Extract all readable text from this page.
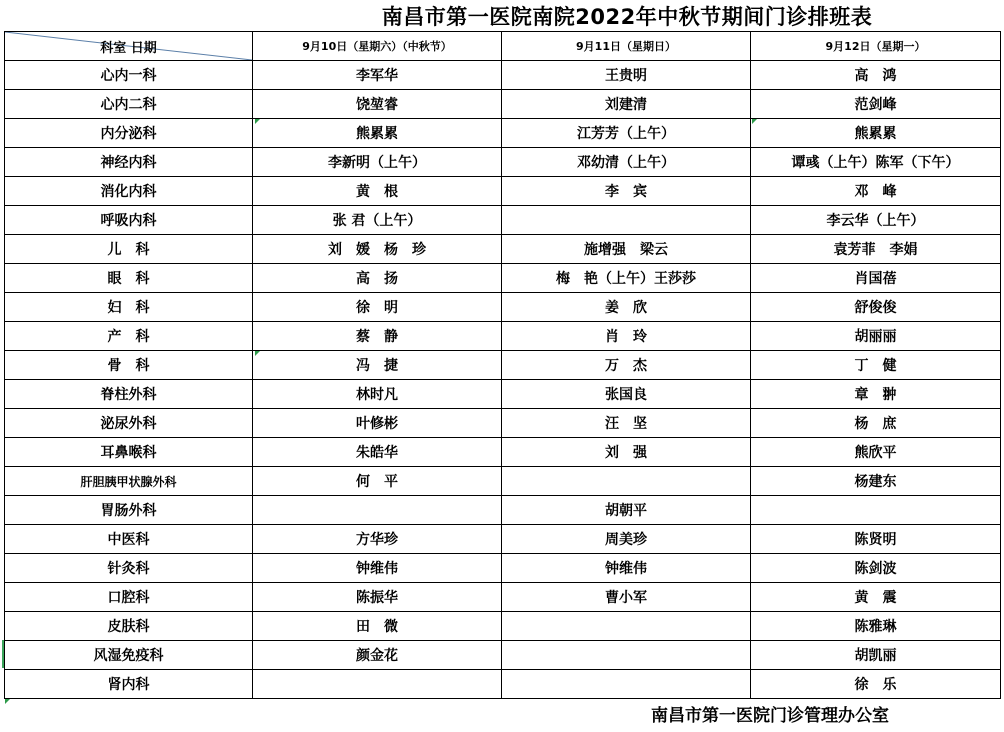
南昌市第一医院南院2022年中秋节期间门诊排班表
科室 日期	9月10日（星期六）（中秋节）	9月11日（星期日）	9月12日（星期一）
心内一科	李军华	王贵明	高　鸿
心内二科	饶堃睿	刘建清	范剑峰
内分泌科	熊累累	江芳芳（上午）	熊累累
神经内科	李新明（上午）	邓幼清（上午）	谭彧（上午）陈军（下午）
消化内科	黄　根	李　宾	邓　峰
呼吸内科	张 君（上午）		李云华（上午）
儿　科	刘　媛　杨　珍	施增强　梁云	袁芳菲　李娟
眼　科	高　扬	梅　艳（上午）王莎莎	肖国蓓
妇　科	徐　明	姜　欣	舒俊俊
产　科	蔡　静	肖　玲	胡丽丽
骨　科	冯　捷	万　杰	丁　健
脊柱外科	林时凡	张国良	章　翀
泌尿外科	叶修彬	汪　坚	杨　庶
耳鼻喉科	朱皓华	刘　强	熊欣平
肝胆胰甲状腺外科	何　平		杨建东
胃肠外科		胡朝平	
中医科	方华珍	周美珍	陈贤明
针灸科	钟维伟	钟维伟	陈剑波
口腔科	陈振华	曹小军	黄　震
皮肤科	田　微		陈雅琳
风湿免疫科	颜金花		胡凯丽
肾内科			徐　乐
南昌市第一医院门诊管理办公室
